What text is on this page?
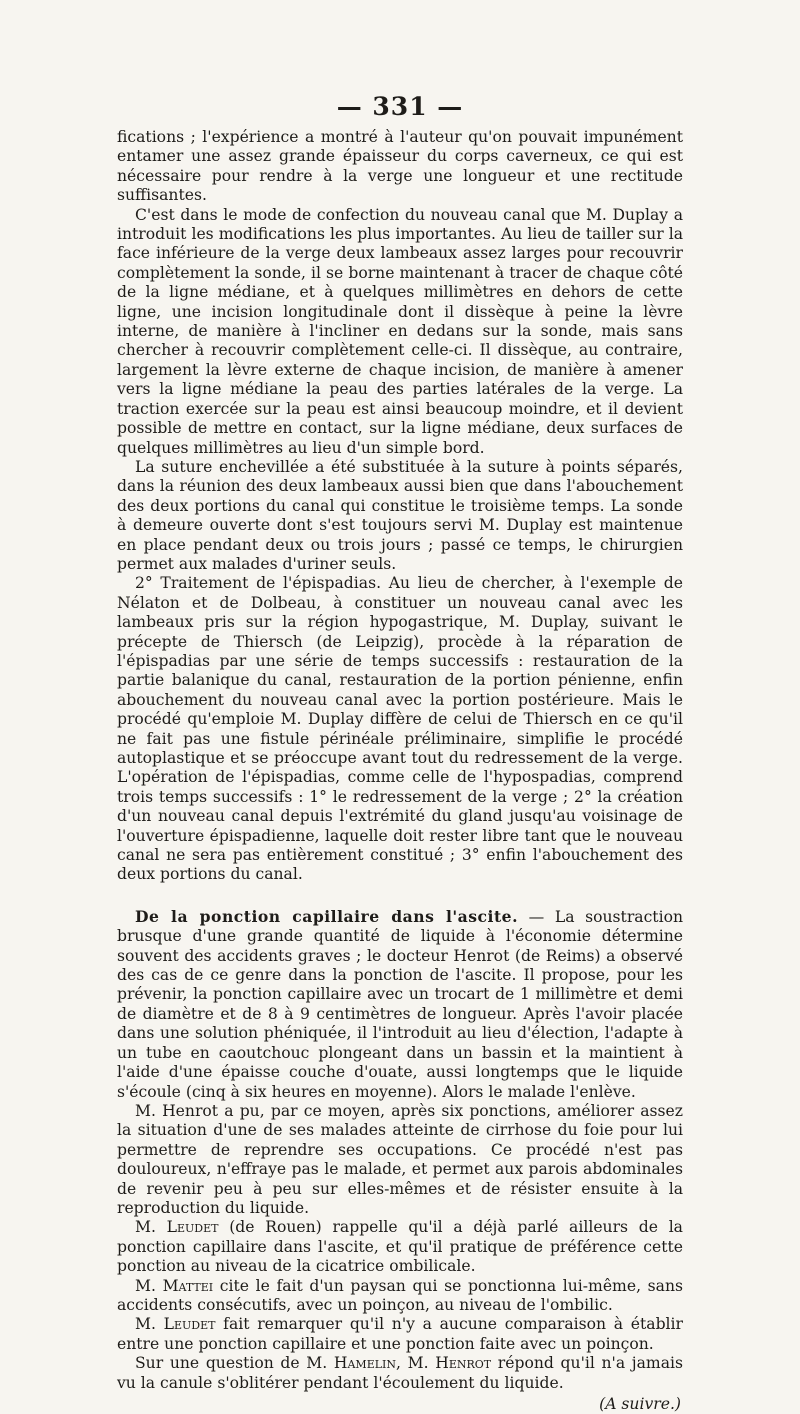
— 331 —

fications ; l'expérience a montré à l'auteur qu'on pouvait impunément entamer une assez grande épaisseur du corps caverneux, ce qui est nécessaire pour rendre à la verge une longueur et une rectitude suffisantes.

C'est dans le mode de confection du nouveau canal que M. Duplay a introduit les modifications les plus importantes. Au lieu de tailler sur la face inférieure de la verge deux lambeaux assez larges pour recouvrir complètement la sonde, il se borne maintenant à tracer de chaque côté de la ligne médiane, et à quelques millimètres en dehors de cette ligne, une incision longitudinale dont il dissèque à peine la lèvre interne, de manière à l'incliner en dedans sur la sonde, mais sans chercher à recouvrir complètement celle-ci. Il dissèque, au contraire, largement la lèvre externe de chaque incision, de manière à amener vers la ligne médiane la peau des parties latérales de la verge. La traction exercée sur la peau est ainsi beaucoup moindre, et il devient possible de mettre en contact, sur la ligne médiane, deux surfaces de quelques millimètres au lieu d'un simple bord.

La suture enchevillée a été substituée à la suture à points séparés, dans la réunion des deux lambeaux aussi bien que dans l'abouchement des deux portions du canal qui constitue le troisième temps. La sonde à demeure ouverte dont s'est toujours servi M. Duplay est maintenue en place pendant deux ou trois jours ; passé ce temps, le chirurgien permet aux malades d'uriner seuls.

2° Traitement de l'épispadias. Au lieu de chercher, à l'exemple de Nélaton et de Dolbeau, à constituer un nouveau canal avec les lambeaux pris sur la région hypogastrique, M. Duplay, suivant le précepte de Thiersch (de Leipzig), procède à la réparation de l'épispadias par une série de temps successifs : restauration de la partie balanique du canal, restauration de la portion pénienne, enfin abouchement du nouveau canal avec la portion postérieure. Mais le procédé qu'emploie M. Duplay diffère de celui de Thiersch en ce qu'il ne fait pas une fistule périnéale préliminaire, simplifie le procédé autoplastique et se préoccupe avant tout du redressement de la verge. L'opération de l'épispadias, comme celle de l'hypospadias, comprend trois temps successifs : 1° le redressement de la verge ; 2° la création d'un nouveau canal depuis l'extrémité du gland jusqu'au voisinage de l'ouverture épispadienne, laquelle doit rester libre tant que le nouveau canal ne sera pas entièrement constitué ; 3° enfin l'abouchement des deux portions du canal.

De la ponction capillaire dans l'ascite. — La soustraction brusque d'une grande quantité de liquide à l'économie détermine souvent des accidents graves ; le docteur Henrot (de Reims) a observé des cas de ce genre dans la ponction de l'ascite. Il propose, pour les prévenir, la ponction capillaire avec un trocart de 1 millimètre et demi de diamètre et de 8 à 9 centimètres de longueur. Après l'avoir placée dans une solution phéniquée, il l'introduit au lieu d'élection, l'adapte à un tube en caoutchouc plongeant dans un bassin et la maintient à l'aide d'une épaisse couche d'ouate, aussi longtemps que le liquide s'écoule (cinq à six heures en moyenne). Alors le malade l'enlève.

M. Henrot a pu, par ce moyen, après six ponctions, améliorer assez la situation d'une de ses malades atteinte de cirrhose du foie pour lui permettre de reprendre ses occupations. Ce procédé n'est pas douloureux, n'effraye pas le malade, et permet aux parois abdominales de revenir peu à peu sur elles-mêmes et de résister ensuite à la reproduction du liquide.

M. Leudet (de Rouen) rappelle qu'il a déjà parlé ailleurs de la ponction capillaire dans l'ascite, et qu'il pratique de préférence cette ponction au niveau de la cicatrice ombilicale.

M. Mattei cite le fait d'un paysan qui se ponctionna lui-même, sans accidents consécutifs, avec un poinçon, au niveau de l'ombilic.

M. Leudet fait remarquer qu'il n'y a aucune comparaison à établir entre une ponction capillaire et une ponction faite avec un poinçon.

Sur une question de M. Hamelin, M. Henrot répond qu'il n'a jamais vu la canule s'oblitérer pendant l'écoulement du liquide.

(A suivre.)
